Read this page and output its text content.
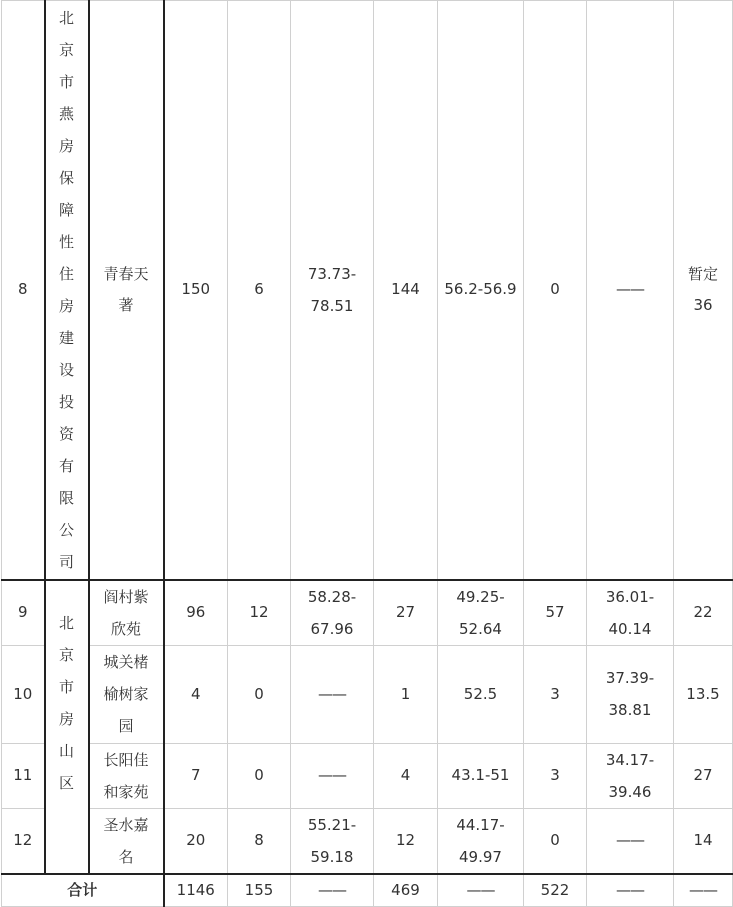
8	北京市燕房保障性住房建设投资有限公司	青春天著	150	6	73.73-78.51	144	56.2-56.9	0	——	暂定36
9	北京市房山区	阎村紫欣苑	96	12	58.28-67.96	27	49.25-52.64	57	36.01-40.14	22
10		城关楮榆树家园	4	0	——	1	52.5	3	37.39-38.81	13.5
11		长阳佳和家苑	7	0	——	4	43.1-51	3	34.17-39.46	27
12		圣水嘉名	20	8	55.21-59.18	12	44.17-49.97	0	——	14
合计			1146	155	——	469	——	522	——	——
